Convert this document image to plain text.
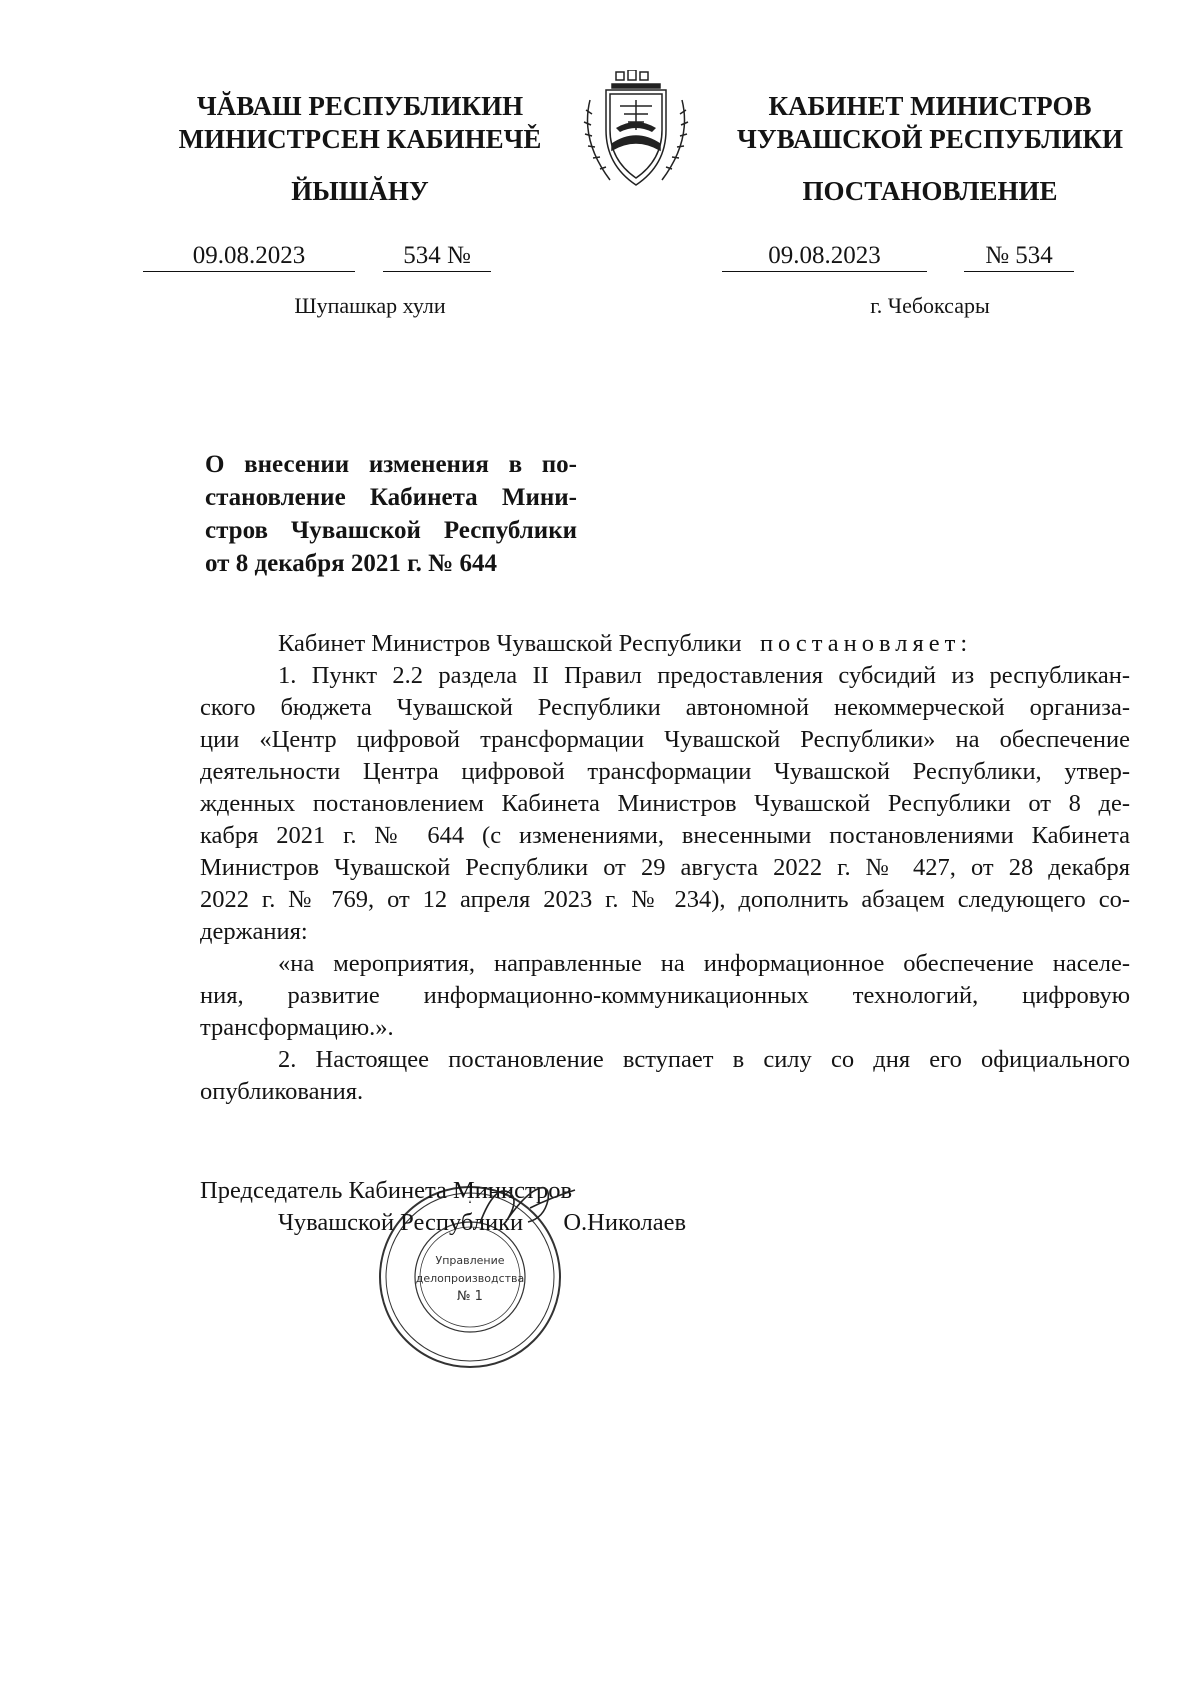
ЧĂВАШ РЕСПУБЛИКИН
МИНИСТРСЕН КАБИНЕЧĚ
ЙЫШĂНУ
КАБИНЕТ МИНИСТРОВ
ЧУВАШСКОЙ РЕСПУБЛИКИ
ПОСТАНОВЛЕНИЕ
09.08.2023	534 №	09.08.2023	№ 534
Шупашкар хули	г. Чебоксары
О внесении изменения в по-
становление Кабинета Мини-
стров Чувашской Республики
от 8 декабря 2021 г. № 644
Кабинет Министров Чувашской Республики постановляет:
1. Пункт 2.2 раздела II Правил предоставления субсидий из республикан-
ского бюджета Чувашской Республики автономной некоммерческой организа-
ции «Центр цифровой трансформации Чувашской Республики» на обеспечение
деятельности Центра цифровой трансформации Чувашской Республики, утвер-
жденных постановлением Кабинета Министров Чувашской Республики от 8 де-
кабря 2021 г. № 644 (с изменениями, внесенными постановлениями Кабинета
Министров Чувашской Республики от 29 августа 2022 г. № 427, от 28 декабря
2022 г. № 769, от 12 апреля 2023 г. № 234), дополнить абзацем следующего со-
держания:
«на мероприятия, направленные на информационное обеспечение населе-
ния, развитие информационно-коммуникационных технологий, цифровую
трансформацию.».
2. Настоящее постановление вступает в силу со дня его официального
опубликования.
Управление
делопроизводства
№ 1
Председатель Кабинета Министров
Чувашской Республики О.Николаев
